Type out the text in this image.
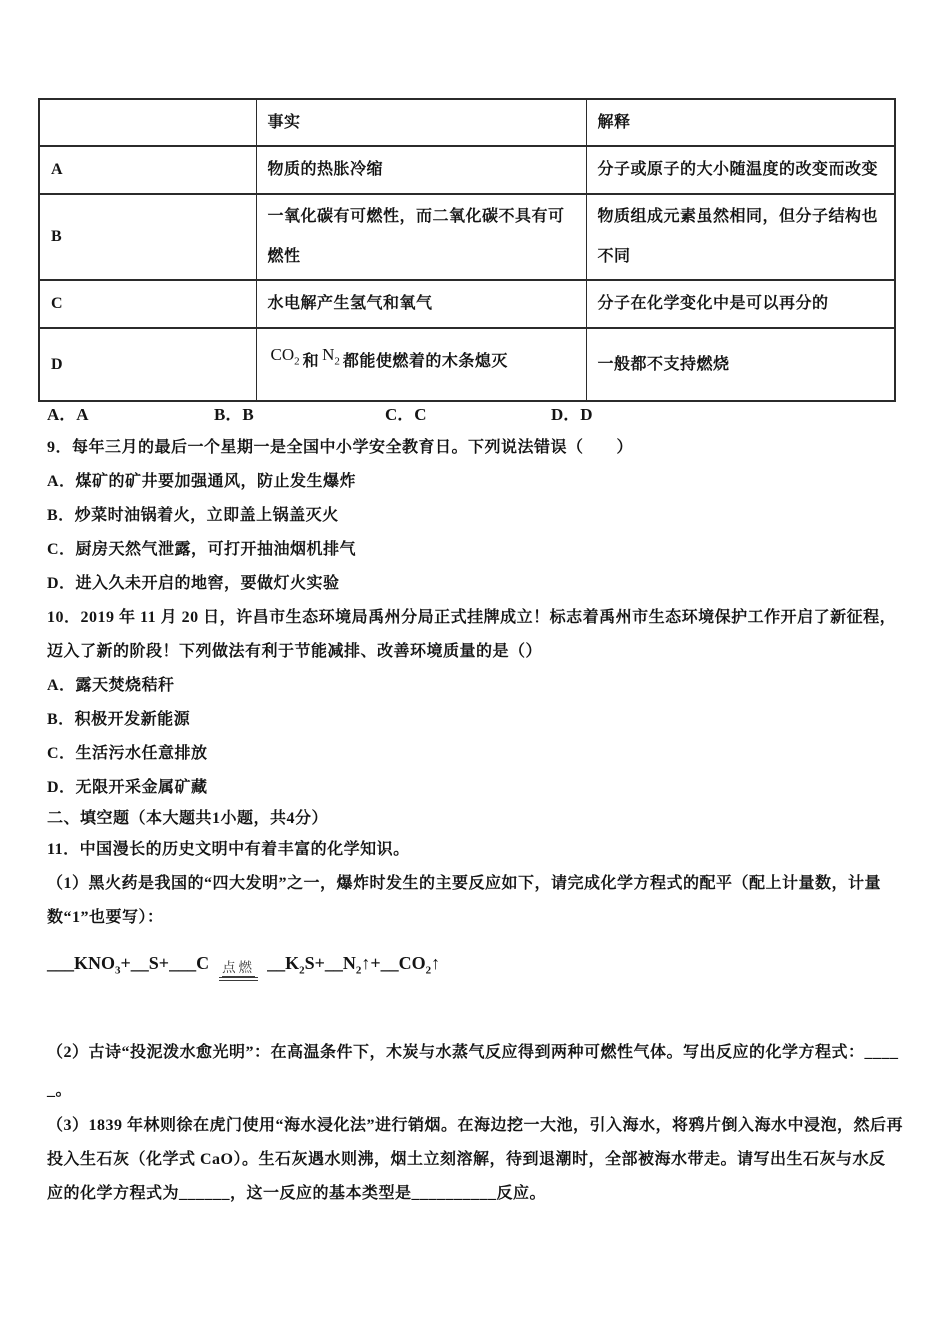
	事实	解释
A	物质的热胀冷缩	分子或原子的大小随温度的改变而改变
B	一氧化碳有可燃性，而二氧化碳不具有可燃性	物质组成元素虽然相同，但分子结构也不同
C	水电解产生氢气和氧气	分子在化学变化中是可以再分的
D	$CO_2$ 和 $N_2$ 都能使燃着的木条熄灭	一般都不支持燃烧
A．A	B．B	C．C	D．D
9．每年三月的最后一个星期一是全国中小学安全教育日。下列说法错误（　　）
A．煤矿的矿井要加强通风，防止发生爆炸
B．炒菜时油锅着火，立即盖上锅盖灭火
C．厨房天然气泄露，可打开抽油烟机排气
D．进入久未开启的地窖，要做灯火实验
10．2019 年 11 月 20 日，许昌市生态环境局禹州分局正式挂牌成立！标志着禹州市生态环境保护工作开启了新征程，
迈入了新的阶段！下列做法有利于节能减排、改善环境质量的是（）
A．露天焚烧秸秆
B．积极开发新能源
C．生活污水任意排放
D．无限开采金属矿藏
二、填空题（本大题共1小题，共4分）
11．中国漫长的历史文明中有着丰富的化学知识。
（1）黑火药是我国的“四大发明”之一，爆炸时发生的主要反应如下，请完成化学方程式的配平（配上计量数，计量
数“1”也要写）：
$\_\_\_KNO_3+\_\_S+\_\_\_C$ 点燃 $\_\_K_2S+\_\_N_2↑+\_\_CO_2↑$
（2）古诗“投泥泼水愈光明”：在高温条件下，木炭与水蒸气反应得到两种可燃性气体。写出反应的化学方程式：____
_。
（3）1839 年林则徐在虎门使用“海水浸化法”进行销烟。在海边挖一大池，引入海水，将鸦片倒入海水中浸泡，然后再
投入生石灰（化学式 CaO）。生石灰遇水则沸，烟土立刻溶解，待到退潮时，全部被海水带走。请写出生石灰与水反
应的化学方程式为______，这一反应的基本类型是__________反应。
